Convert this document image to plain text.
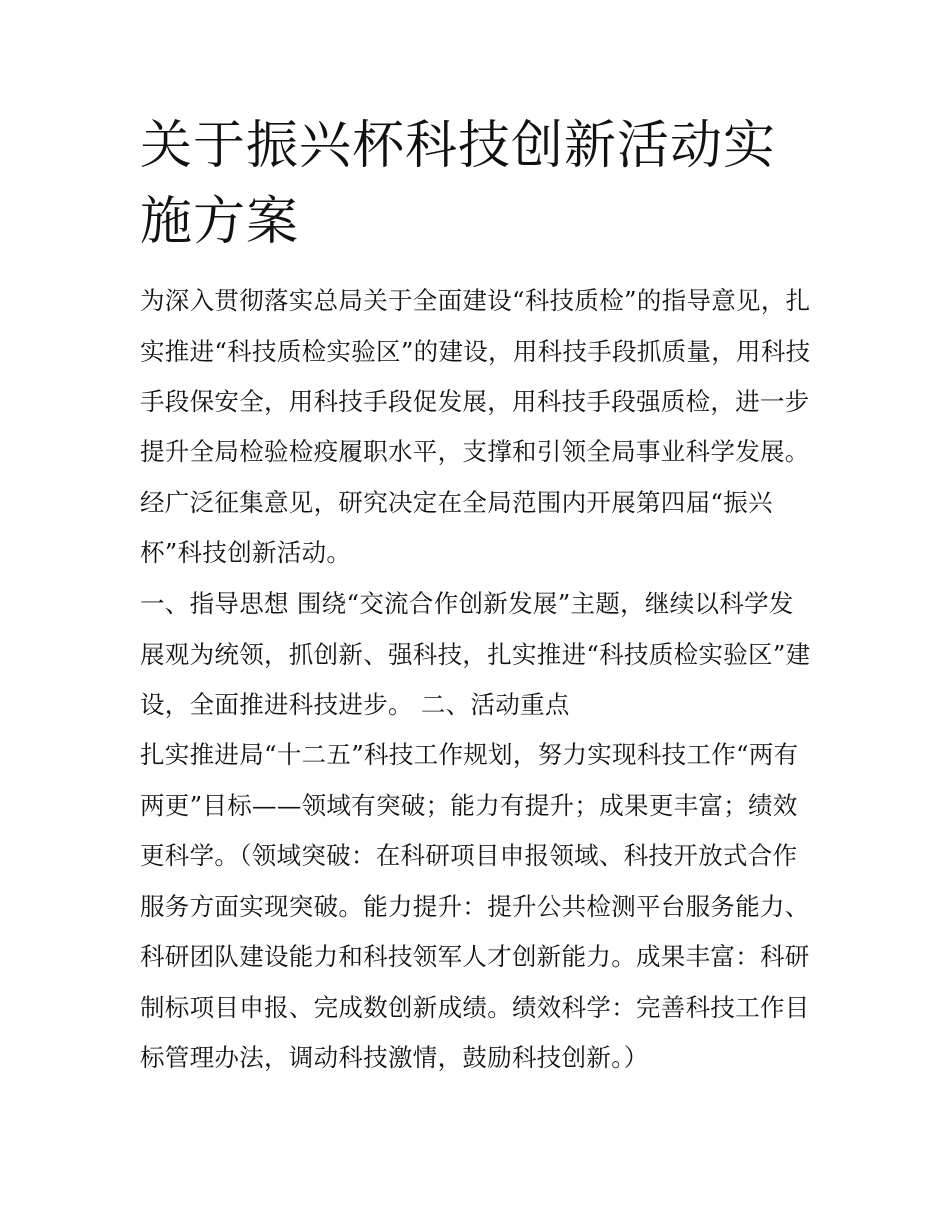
关于振兴杯科技创新活动实施方案
为深入贯彻落实总局关于全面建设“科技质检”的指导意见，扎
实推进“科技质检实验区”的建设，用科技手段抓质量，用科技
手段保安全，用科技手段促发展，用科技手段强质检，进一步
提升全局检验检疫履职水平，支撑和引领全局事业科学发展。
经广泛征集意见，研究决定在全局范围内开展第四届“振兴
杯”科技创新活动。
一、指导思想 围绕“交流合作创新发展”主题，继续以科学发
展观为统领，抓创新、强科技，扎实推进“科技质检实验区”建
设，全面推进科技进步。 二、活动重点
扎实推进局“十二五”科技工作规划，努力实现科技工作“两有
两更”目标——领域有突破；能力有提升；成果更丰富；绩效
更科学。（领域突破：在科研项目申报领域、科技开放式合作
服务方面实现突破。能力提升：提升公共检测平台服务能力、
科研团队建设能力和科技领军人才创新能力。成果丰富：科研
制标项目申报、完成数创新成绩。绩效科学：完善科技工作目
标管理办法，调动科技激情，鼓励科技创新。）
